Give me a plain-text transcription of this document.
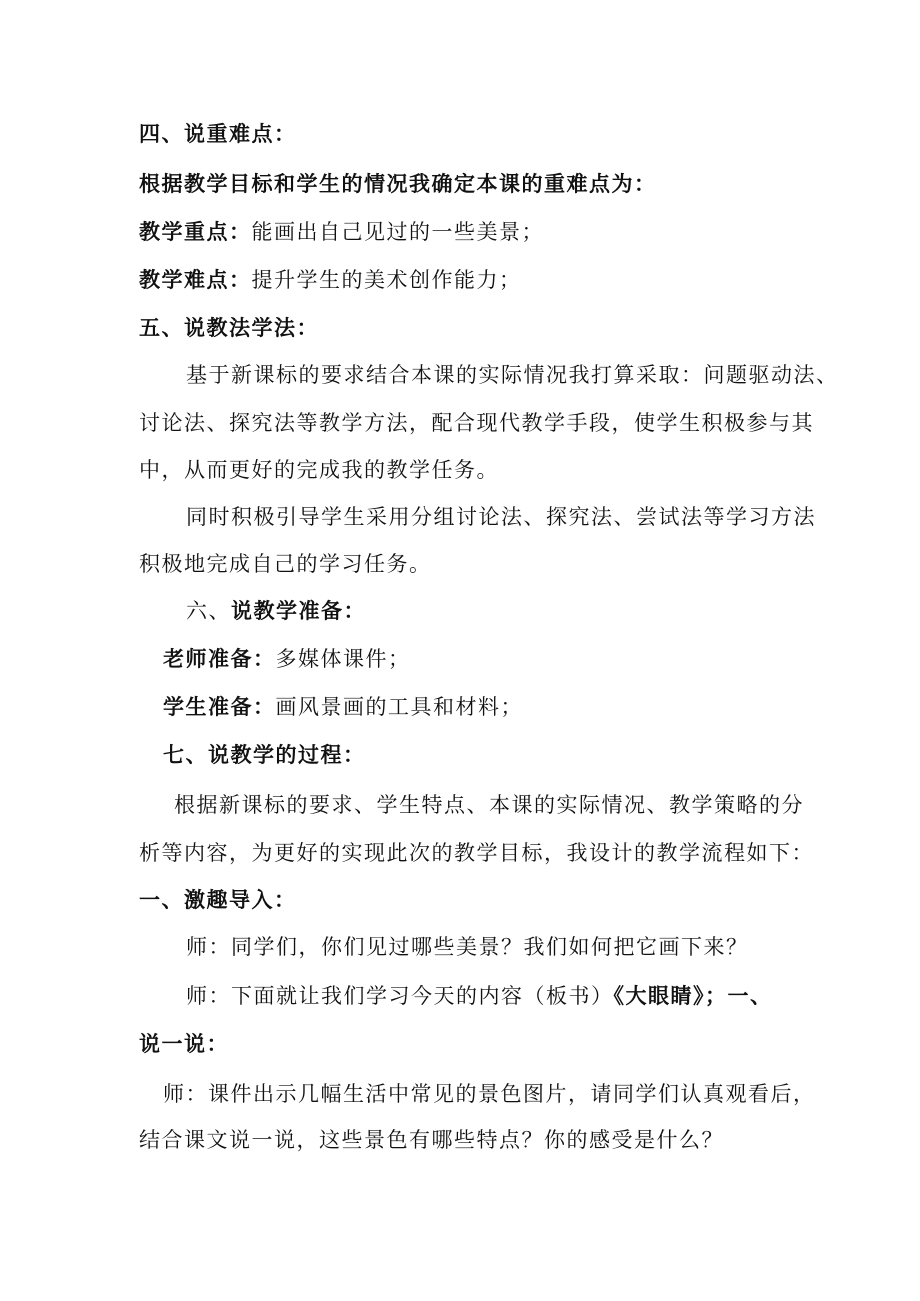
四、说重难点：
根据教学目标和学生的情况我确定本课的重难点为：
教学重点：能画出自己见过的一些美景；
教学难点：提升学生的美术创作能力；
五、说教法学法：
基于新课标的要求结合本课的实际情况我打算采取：问题驱动法、
讨论法、探究法等教学方法，配合现代教学手段，使学生积极参与其
中，从而更好的完成我的教学任务。
同时积极引导学生采用分组讨论法、探究法、尝试法等学习方法
积极地完成自己的学习任务。
六、说教学准备：
老师准备：多媒体课件；
学生准备：画风景画的工具和材料；
七、说教学的过程：
根据新课标的要求、学生特点、本课的实际情况、教学策略的分
析等内容，为更好的实现此次的教学目标，我设计的教学流程如下：
一、激趣导入：
师：同学们，你们见过哪些美景？我们如何把它画下来？
师：下面就让我们学习今天的内容（板书）《大眼睛》；一、
说一说：
师：课件出示几幅生活中常见的景色图片，请同学们认真观看后，
结合课文说一说，这些景色有哪些特点？你的感受是什么？
